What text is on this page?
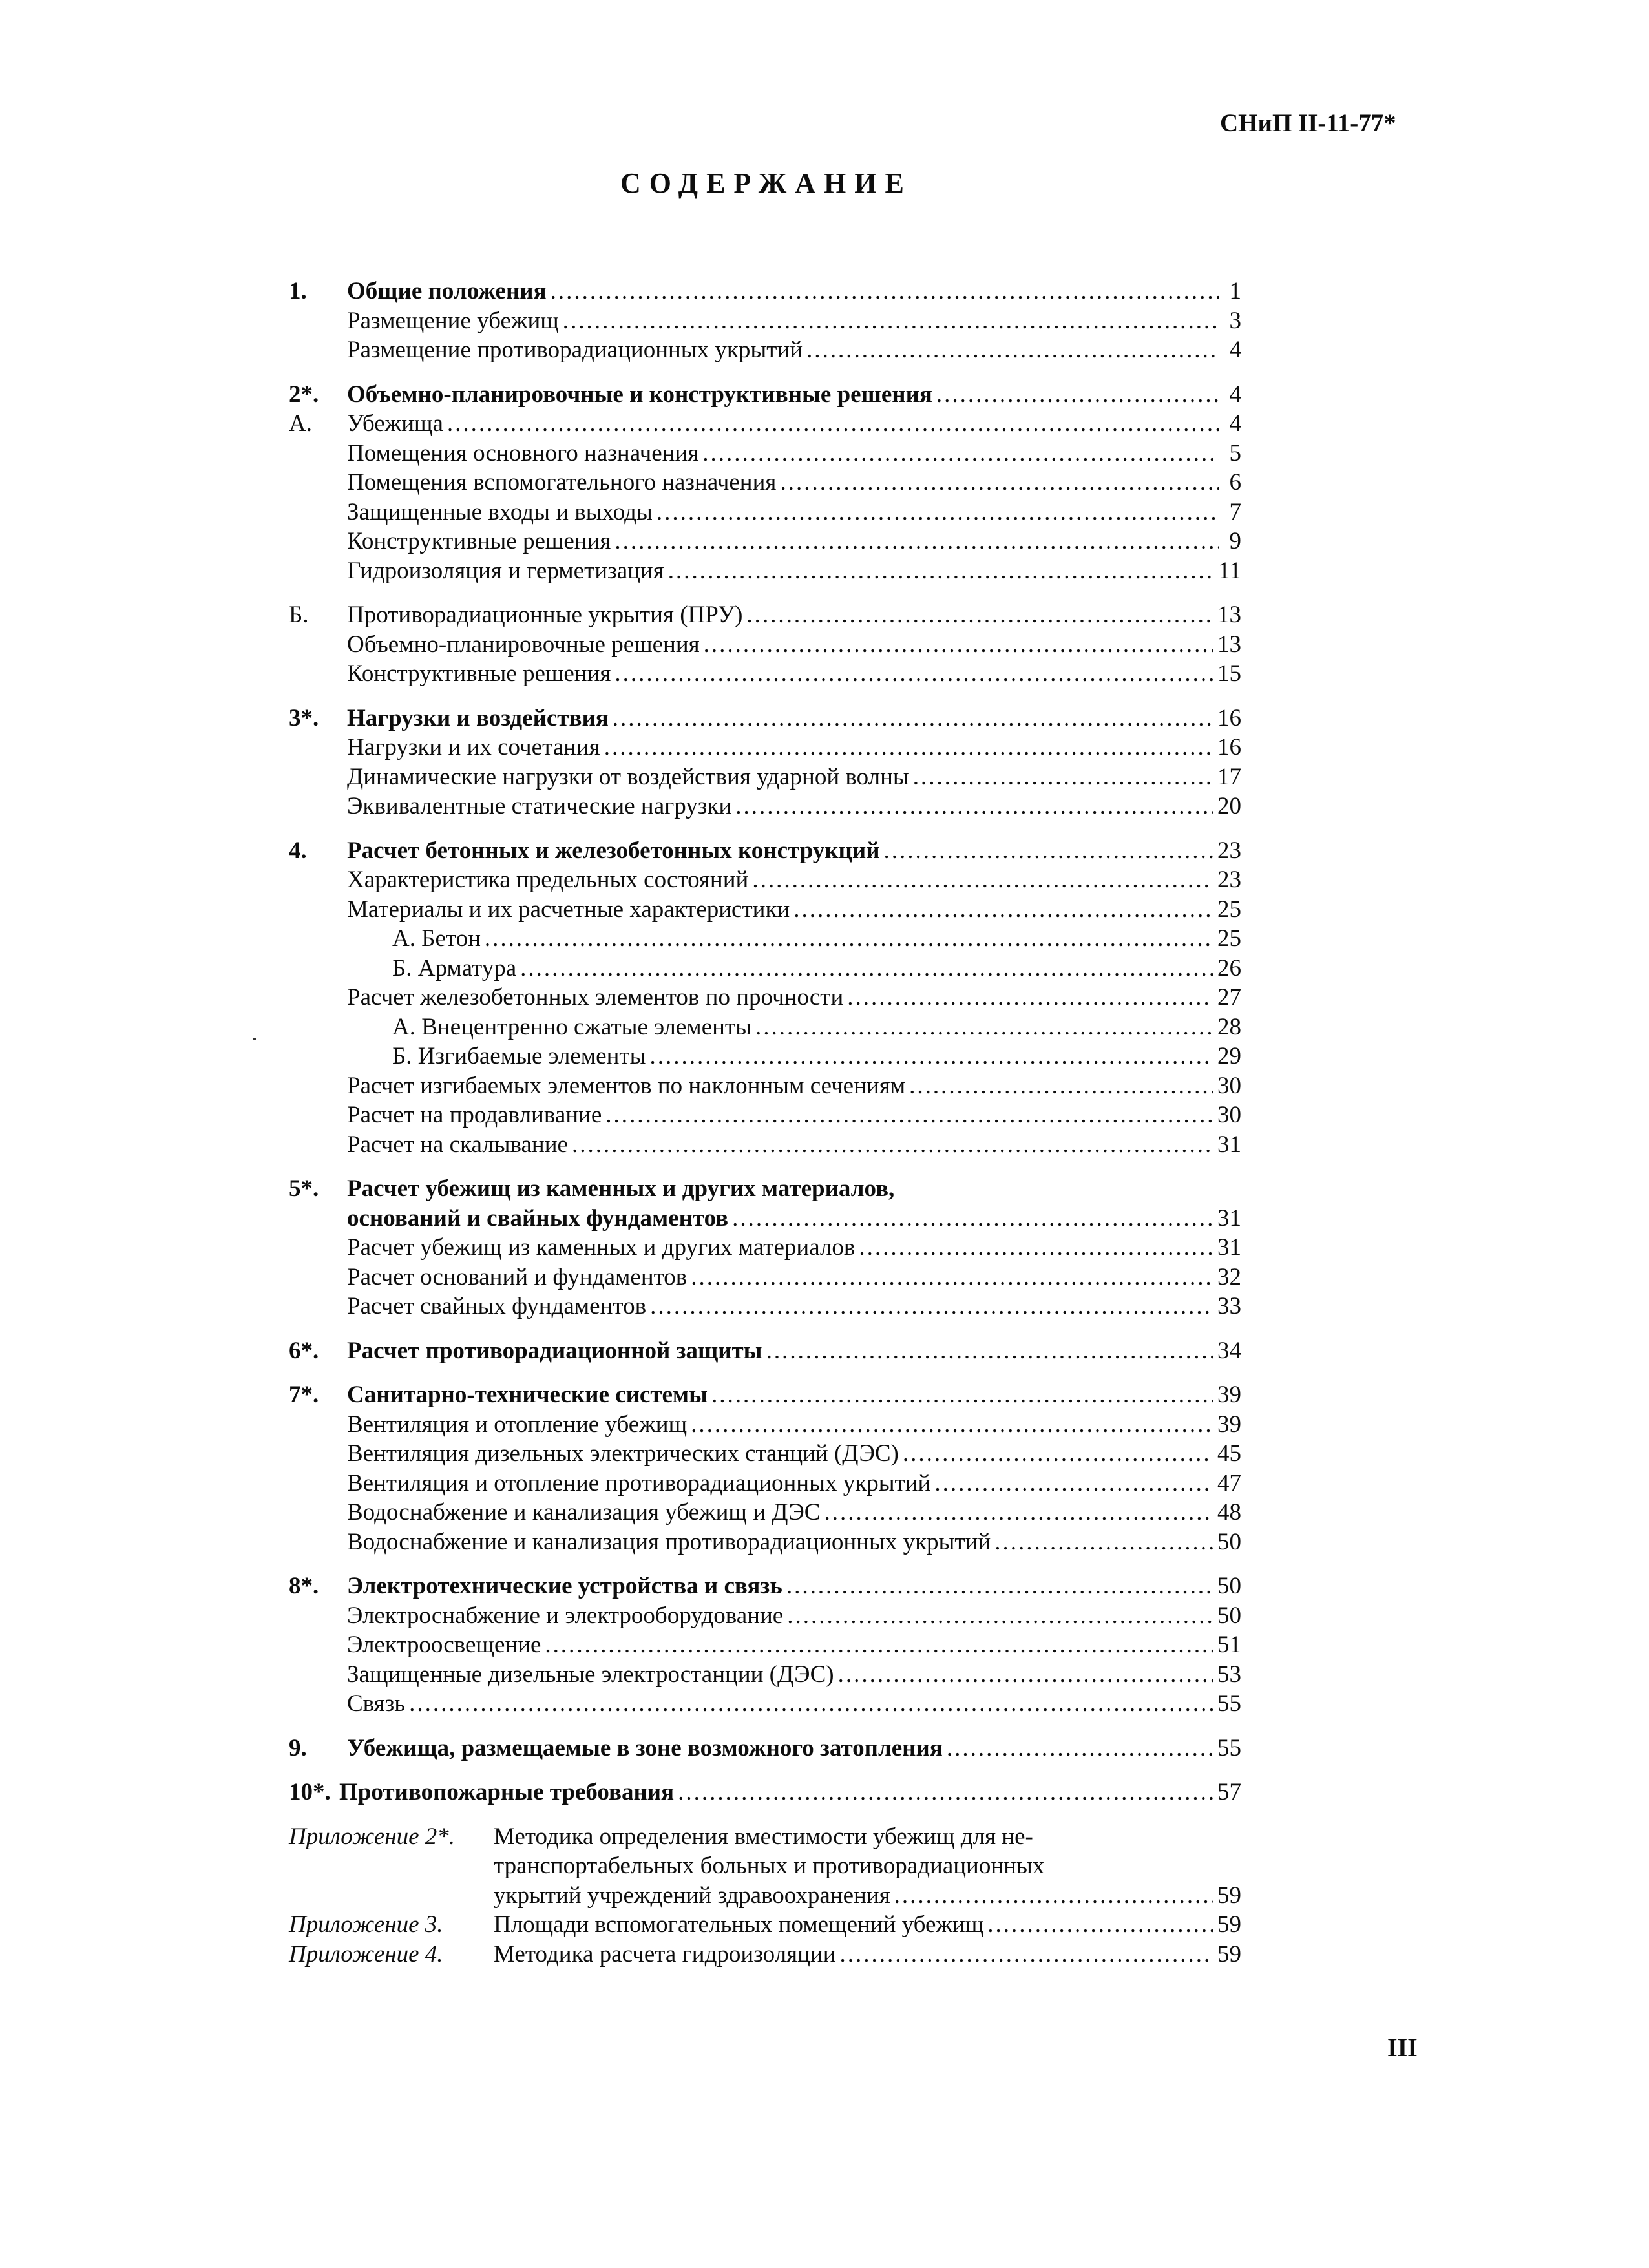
СНиП II-11-77*
СОДЕРЖАНИЕ
1.	Общие положения .....	1
Размещение убежищ .....	3
Размещение противорадиационных укрытий .....	4
2*.	Объемно-планировочные и конструктивные решения .....	4
А.	Убежища .....	4
Помещения основного назначения .....	5
Помещения вспомогательного назначения .....	6
Защищенные входы и выходы .....	7
Конструктивные решения .....	9
Гидроизоляция и герметизация .....	11
Б.	Противорадиационные укрытия (ПРУ) .....	13
Объемно-планировочные решения .....	13
Конструктивные решения .....	15
3*.	Нагрузки и воздействия .....	16
Нагрузки и их сочетания .....	16
Динамические нагрузки от воздействия ударной волны .....	17
Эквивалентные статические нагрузки .....	20
4.	Расчет бетонных и железобетонных конструкций .....	23
Характеристика предельных состояний .....	23
Материалы и их расчетные характеристики .....	25
А. Бетон .....	25
Б. Арматура .....	26
Расчет железобетонных элементов по прочности .....	27
А. Внецентренно сжатые элементы .....	28
Б. Изгибаемые элементы .....	29
Расчет изгибаемых элементов по наклонным сечениям .....	30
Расчет на продавливание .....	30
Расчет на скалывание .....	31
5*.	Расчет убежищ из каменных и других материалов,
оснований и свайных фундаментов .....	31
Расчет убежищ из каменных и других материалов .....	31
Расчет оснований и фундаментов .....	32
Расчет свайных фундаментов .....	33
6*.	Расчет противорадиационной защиты .....	34
7*.	Санитарно-технические системы .....	39
Вентиляция и отопление убежищ .....	39
Вентиляция дизельных электрических станций (ДЭС) .....	45
Вентиляция и отопление противорадиационных укрытий .....	47
Водоснабжение и канализация убежищ и ДЭС .....	48
Водоснабжение и канализация противорадиационных укрытий .....	50
8*.	Электротехнические устройства и связь .....	50
Электроснабжение и электрооборудование .....	50
Электроосвещение .....	51
Защищенные дизельные электростанции (ДЭС) .....	53
Связь .....	55
9.	Убежища, размещаемые в зоне возможного затопления .....	55
10*. Противопожарные требования .....	57
Приложение 2*.	Методика определения вместимости убежищ для не-
транспортабельных больных и противорадиационных
укрытий учреждений здравоохранения .....	59
Приложение 3.	Площади вспомогательных помещений убежищ .....	59
Приложение 4.	Методика расчета гидроизоляции .....	59
III
